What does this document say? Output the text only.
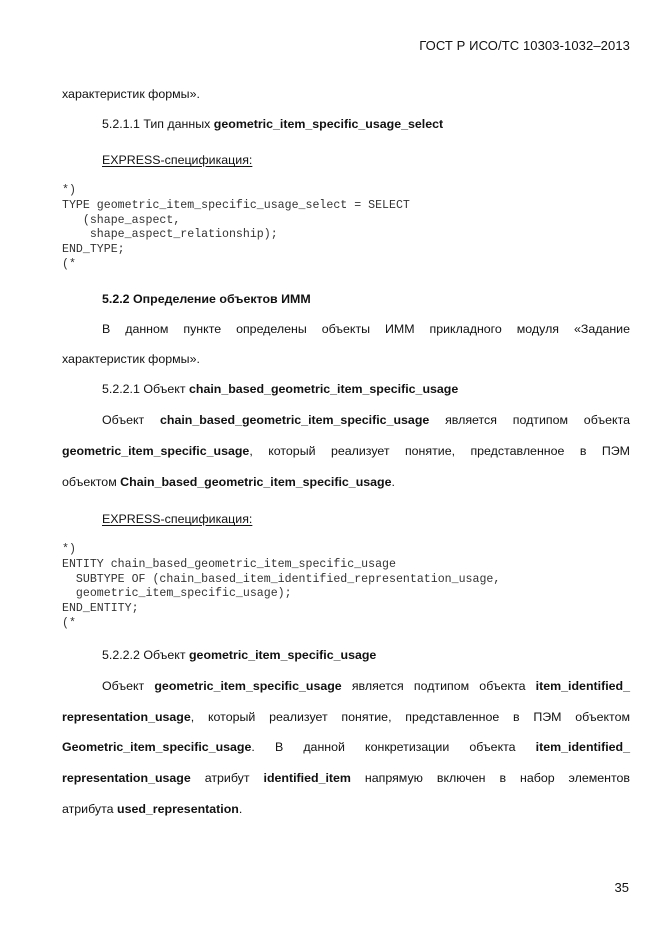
ГОСТ Р ИСО/ТС 10303-1032–2013
характеристик формы».
5.2.1.1 Тип данных geometric_item_specific_usage_select
EXPRESS-спецификация:
*)
TYPE geometric_item_specific_usage_select = SELECT
(shape_aspect,
shape_aspect_relationship);
END_TYPE;
(*
5.2.2 Определение объектов ИММ
В данном пункте определены объекты ИММ прикладного модуля «Задание
характеристик формы».
5.2.2.1 Объект chain_based_geometric_item_specific_usage
Объект chain_based_geometric_item_specific_usage является подтипом объекта
geometric_item_specific_usage, который реализует понятие, представленное в ПЭМ
объектом Chain_based_geometric_item_specific_usage.
EXPRESS-спецификация:
*)
ENTITY chain_based_geometric_item_specific_usage
SUBTYPE OF (chain_based_item_identified_representation_usage,
geometric_item_specific_usage);
END_ENTITY;
(*
5.2.2.2 Объект geometric_item_specific_usage
Объект geometric_item_specific_usage является подтипом объекта item_identified_
representation_usage, который реализует понятие, представленное в ПЭМ объектом
Geometric_item_specific_usage. В данной конкретизации объекта item_identified_
representation_usage атрибут identified_item напрямую включен в набор элементов
атрибута used_representation.
35
